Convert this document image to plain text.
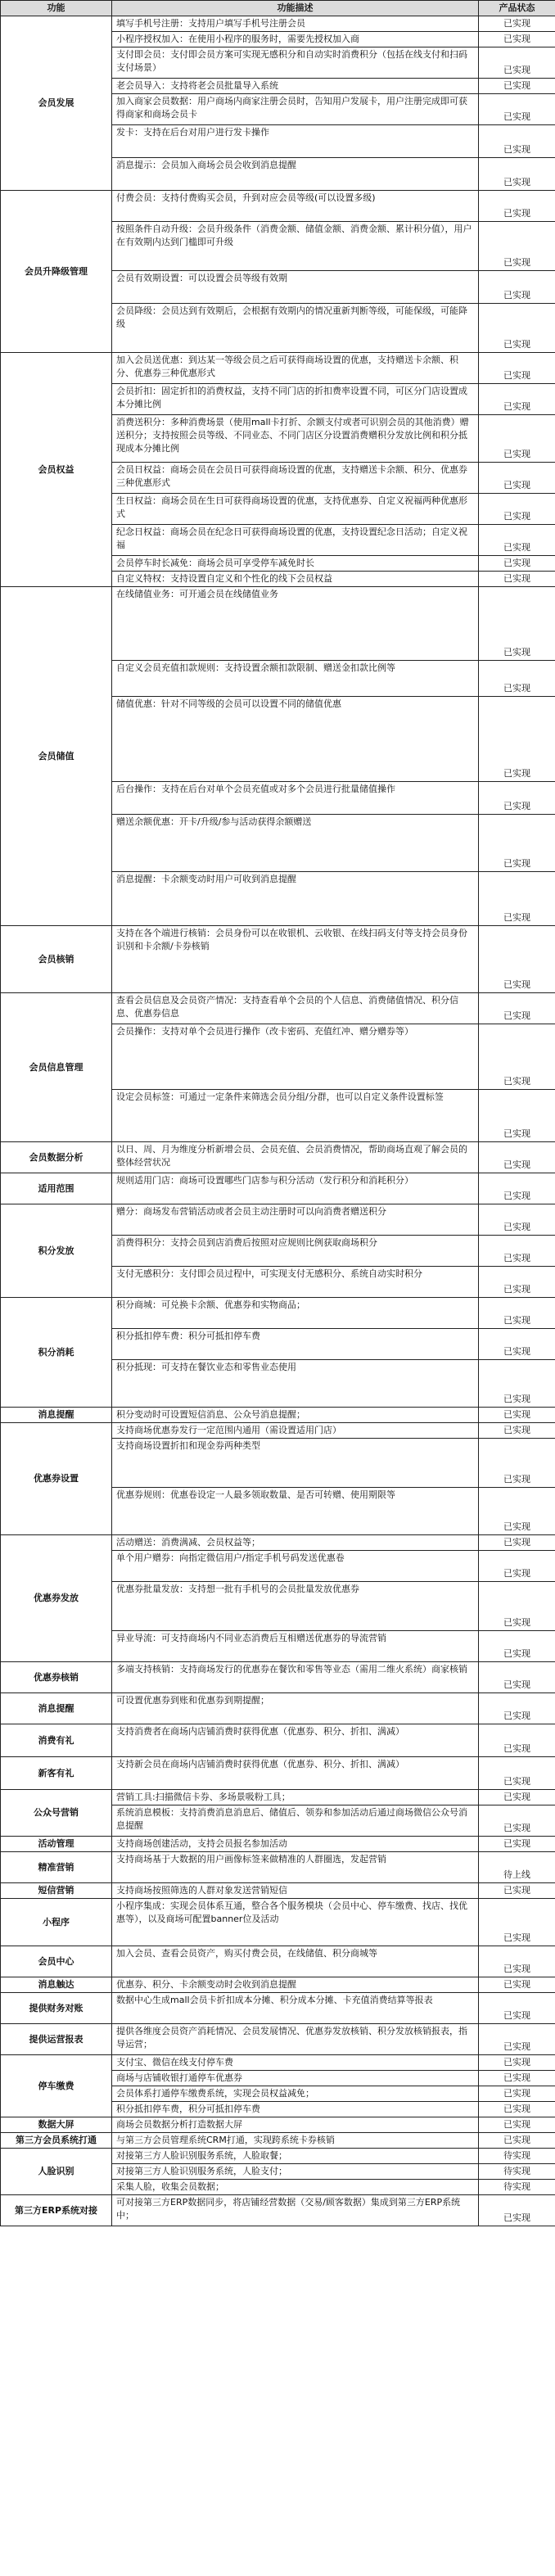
功能	功能描述	产品状态
会员发展	填写手机号注册：支持用户填写手机号注册会员	已实现
	小程序授权加入：在使用小程序的服务时，需要先授权加入商	已实现
	支付即会员：支付即会员方案可实现无感积分和自动实时消费积分（包括在线支付和扫码支付场景）	已实现
	老会员导入：支持将老会员批量导入系统	已实现
	加入商家会员数据：用户商场内商家注册会员时，告知用户发展卡，用户注册完成即可获得商家和商场会员卡	已实现
	发卡：支持在后台对用户进行发卡操作	已实现
	消息提示：会员加入商场会员会收到消息提醒	已实现
会员升降级管理	付费会员：支持付费购买会员，升到对应会员等级(可以设置多级)	已实现
	按照条件自动升级：会员升级条件（消费金额、储值金额、消费金额、累计积分值），用户在有效期内达到门槛即可升级	已实现
	会员有效期设置：可以设置会员等级有效期	已实现
	会员降级：会员达到有效期后，会根据有效期内的情况重新判断等级，可能保级，可能降级	已实现
会员权益	加入会员送优惠：到达某一等级会员之后可获得商场设置的优惠，支持赠送卡余额、积分、优惠券三种优惠形式	已实现
	会员折扣：固定折扣的消费权益，支持不同门店的折扣费率设置不同，可区分门店设置成本分摊比例	已实现
	消费送积分：多种消费场景（使用mall卡打折、余额支付或者可识别会员的其他消费）赠送积分；支持按照会员等级、不同业态、不同门店区分设置消费赠积分发放比例和积分抵现成本分摊比例	已实现
	会员日权益：商场会员在会员日可获得商场设置的优惠，支持赠送卡余额、积分、优惠券三种优惠形式	已实现
	生日权益：商场会员在生日可获得商场设置的优惠，支持优惠券、自定义祝福两种优惠形式	已实现
	纪念日权益：商场会员在纪念日可获得商场设置的优惠，支持设置纪念日活动；自定义祝福	已实现
	会员停车时长减免：商场会员可享受停车减免时长	已实现
	自定义特权：支持设置自定义和个性化的线下会员权益	已实现
会员储值	在线储值业务：可开通会员在线储值业务	已实现
	自定义会员充值扣款规则：支持设置余额扣款限制、赠送金扣款比例等	已实现
	储值优惠：针对不同等级的会员可以设置不同的储值优惠	已实现
	后台操作：支持在后台对单个会员充值或对多个会员进行批量储值操作	已实现
	赠送余额优惠：开卡/升级/参与活动获得余额赠送	已实现
	消息提醒：卡余额变动时用户可收到消息提醒	已实现
会员核销	支持在各个端进行核销：会员身份可以在收银机、云收银、在线扫码支付等支持会员身份识别和卡余额/卡券核销	已实现
会员信息管理	查看会员信息及会员资产情况：支持查看单个会员的个人信息、消费储值情况、积分信息、优惠券信息	已实现
	会员操作：支持对单个会员进行操作（改卡密码、充值红冲、赠分赠券等）	已实现
	设定会员标签：可通过一定条件来筛选会员分组/分群，也可以自定义条件设置标签	已实现
会员数据分析	以日、周、月为维度分析新增会员、会员充值、会员消费情况，帮助商场直观了解会员的整体经营状况	已实现
适用范围	规则适用门店：商场可设置哪些门店参与积分活动（发行积分和消耗积分）	已实现
积分发放	赠分：商场发布营销活动或者会员主动注册时可以向消费者赠送积分	已实现
	消费得积分：支持会员到店消费后按照对应规则比例获取商场积分	已实现
	支付无感积分：支付即会员过程中，可实现支付无感积分、系统自动实时积分	已实现
积分消耗	积分商城：可兑换卡余额、优惠券和实物商品；	已实现
	积分抵扣停车费：积分可抵扣停车费	已实现
	积分抵现：可支持在餐饮业态和零售业态使用	已实现
消息提醒	积分变动时可设置短信消息、公众号消息提醒；	已实现
优惠券设置	支持商场优惠券发行一定范围内通用（需设置适用门店）	已实现
	支持商场设置折扣和现金券两种类型	已实现
	优惠券规则：优惠卷设定一人最多领取数量、是否可转赠、使用期限等	已实现
优惠券发放	活动赠送：消费满减、会员权益等；	已实现
	单个用户赠券：向指定微信用户/指定手机号码发送优惠卷	已实现
	优惠券批量发放：支持想一批有手机号的会员批量发放优惠券	已实现
	异业导流：可支持商场内不同业态消费后互相赠送优惠券的导流营销	已实现
优惠券核销	多端支持核销：支持商场发行的优惠券在餐饮和零售等业态（需用二维火系统）商家核销	已实现
消息提醒	可设置优惠券到账和优惠券到期提醒；	已实现
消费有礼	支持消费者在商场内店铺消费时获得优惠（优惠券、积分、折扣、满减）	已实现
新客有礼	支持新会员在商场内店铺消费时获得优惠（优惠券、积分、折扣、满减）	已实现
公众号营销	营销工具:扫描微信卡券、多场景吸粉工具；	已实现
	系统消息模板：支持消费消息消息后、储值后、领券和参加活动后通过商场微信公众号消息提醒	已实现
活动管理	支持商场创建活动，支持会员报名参加活动	已实现
精准营销	支持商场基于大数据的用户画像标签来做精准的人群圈选，发起营销	待上线
短信营销	支持商场按照筛选的人群对象发送营销短信	已实现
小程序	小程序集成：实现会员体系互通，整合各个服务模块（会员中心、停车缴费、找店、找优惠等），以及商场可配置banner位及活动	已实现
会员中心	加入会员、查看会员资产，购买付费会员，在线储值、积分商城等	已实现
消息触达	优惠券、积分、卡余额变动时会收到消息提醒	已实现
提供财务对账	数据中心生成mall会员卡折扣成本分摊、积分成本分摊、卡充值消费结算等报表	已实现
提供运营报表	提供各维度会员资产消耗情况、会员发展情况、优惠券发放核销、积分发放核销报表，指导运营；	已实现
停车缴费	支付宝、微信在线支付停车费	已实现
	商场与店铺收银打通停车优惠券	已实现
	会员体系打通停车缴费系统，实现会员权益减免；	已实现
	积分抵扣停车费，积分可抵扣停车费	已实现
数据大屏	商场会员数据分析打造数据大屏	已实现
第三方会员系统打通	与第三方会员管理系统CRM打通，实现跨系统卡券核销	已实现
人脸识别	对接第三方人脸识别服务系统，人脸取餐；	待实现
	对接第三方人脸识别服务系统，人脸支付；	待实现
	采集人脸，收集会员数据；	待实现
第三方ERP系统对接	可对接第三方ERP数据同步，将店铺经营数据（交易/顾客数据）集成到第三方ERP系统中；	已实现
